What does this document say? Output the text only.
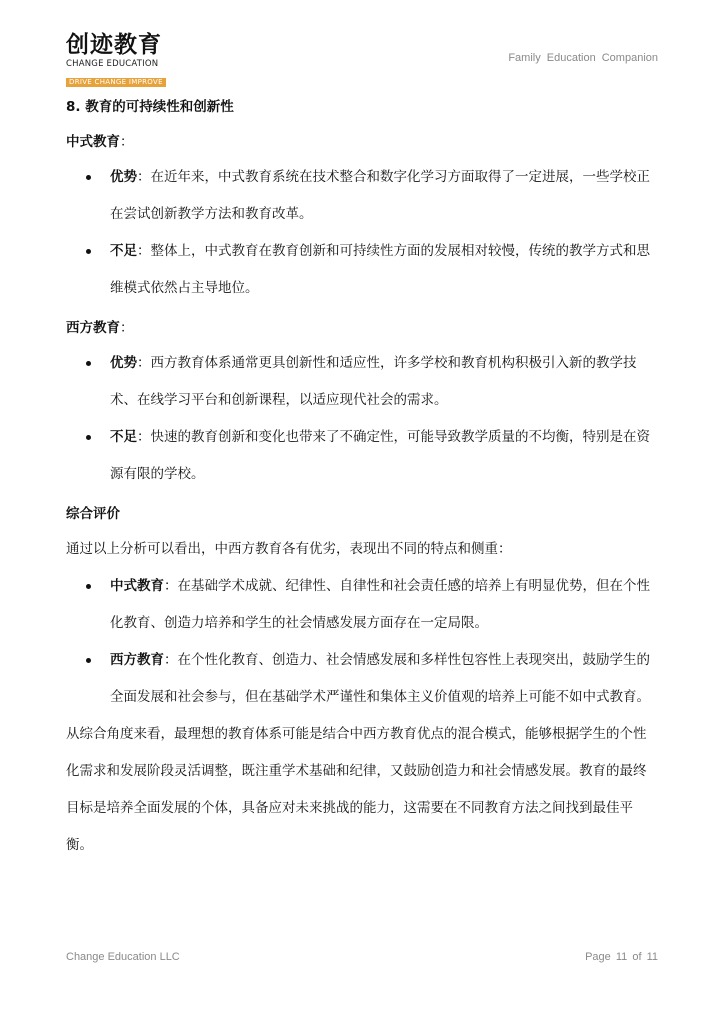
创迹教育
CHANGE EDUCATION
DRIVE CHANGE IMPROVE
Family Education Companion

8. 教育的可持续性和创新性

中式教育：

优势：在近年来，中式教育系统在技术整合和数字化学习方面取得了一定进展，一些学校正在尝试创新教学方法和教育改革。
不足：整体上，中式教育在教育创新和可持续性方面的发展相对较慢，传统的教学方式和思维模式依然占主导地位。

西方教育：

优势：西方教育体系通常更具创新性和适应性，许多学校和教育机构积极引入新的教学技术、在线学习平台和创新课程，以适应现代社会的需求。
不足：快速的教育创新和变化也带来了不确定性，可能导致教学质量的不均衡，特别是在资源有限的学校。

综合评价

通过以上分析可以看出，中西方教育各有优劣，表现出不同的特点和侧重：

中式教育：在基础学术成就、纪律性、自律性和社会责任感的培养上有明显优势，但在个性化教育、创造力培养和学生的社会情感发展方面存在一定局限。
西方教育：在个性化教育、创造力、社会情感发展和多样性包容性上表现突出，鼓励学生的全面发展和社会参与，但在基础学术严谨性和集体主义价值观的培养上可能不如中式教育。

从综合角度来看，最理想的教育体系可能是结合中西方教育优点的混合模式，能够根据学生的个性化需求和发展阶段灵活调整，既注重学术基础和纪律，又鼓励创造力和社会情感发展。教育的最终目标是培养全面发展的个体，具备应对未来挑战的能力，这需要在不同教育方法之间找到最佳平衡。

Change Education LLC	Page 11 of 11
